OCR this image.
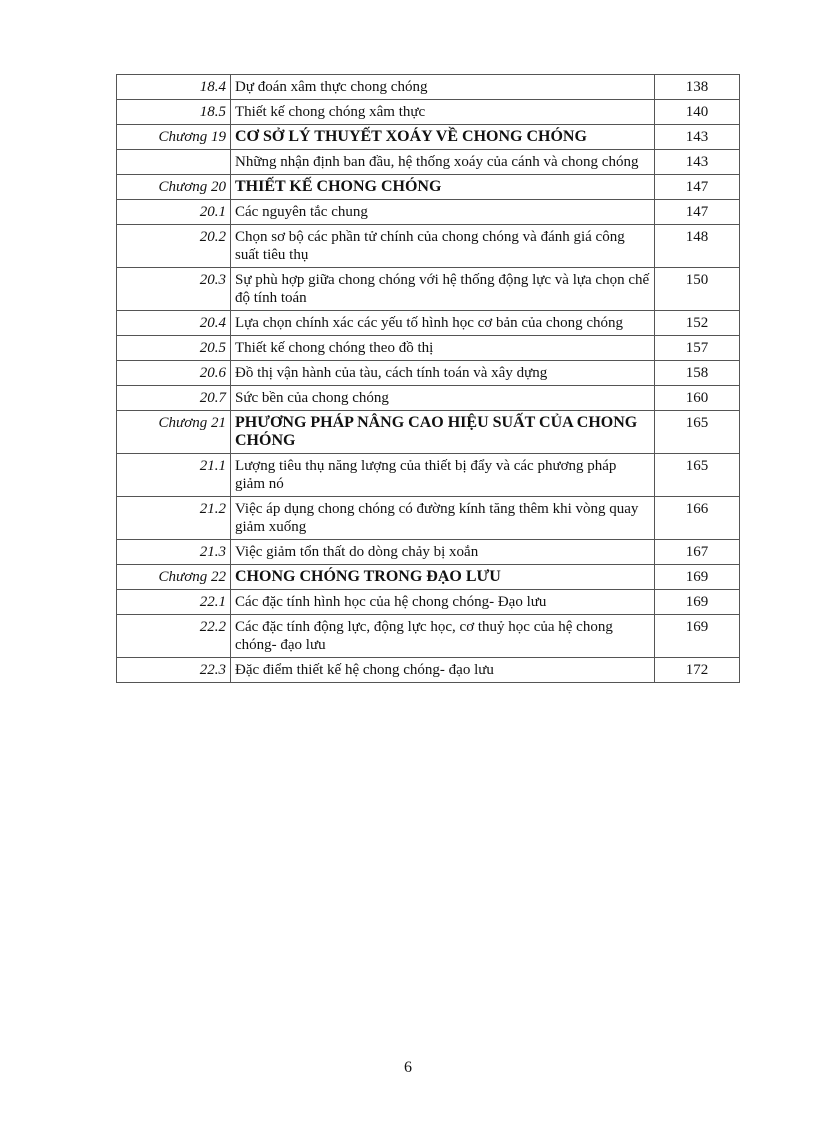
18.4	Dự đoán xâm thực chong chóng	138
18.5	Thiết kế chong chóng xâm thực	140
Chương 19	CƠ SỞ LÝ THUYẾT XOÁY VỀ CHONG CHÓNG	143
	Những nhận định ban đầu, hệ thống xoáy của cánh và chong chóng	143
Chương 20	THIẾT KẾ CHONG CHÓNG	147
20.1	Các nguyên tắc chung	147
20.2	Chọn sơ bộ các phần tử chính của chong chóng và đánh giá công suất tiêu thụ	148
20.3	Sự phù hợp giữa chong chóng với hệ thống động lực và lựa chọn chế độ tính toán	150
20.4	Lựa chọn chính xác các yếu tố hình học cơ bản của chong chóng	152
20.5	Thiết kế chong chóng theo đồ thị	157
20.6	Đồ thị vận hành của tàu, cách tính toán và xây dựng	158
20.7	Sức bền của chong chóng	160
Chương 21	PHƯƠNG PHÁP NÂNG CAO HIỆU SUẤT CỦA CHONG CHÓNG	165
21.1	Lượng tiêu thụ năng lượng của thiết bị đẩy và các phương pháp giảm nó	165
21.2	Việc áp dụng chong chóng có đường kính tăng thêm khi vòng quay giảm xuống	166
21.3	Việc giảm tổn thất do dòng chảy bị xoắn	167
Chương 22	CHONG CHÓNG TRONG ĐẠO LƯU	169
22.1	Các đặc tính hình học của hệ chong chóng- Đạo lưu	169
22.2	Các đặc tính động lực, động lực học, cơ thuỷ học của hệ chong chóng- đạo lưu	169
22.3	Đặc điểm thiết kế hệ chong chóng- đạo lưu	172
6
